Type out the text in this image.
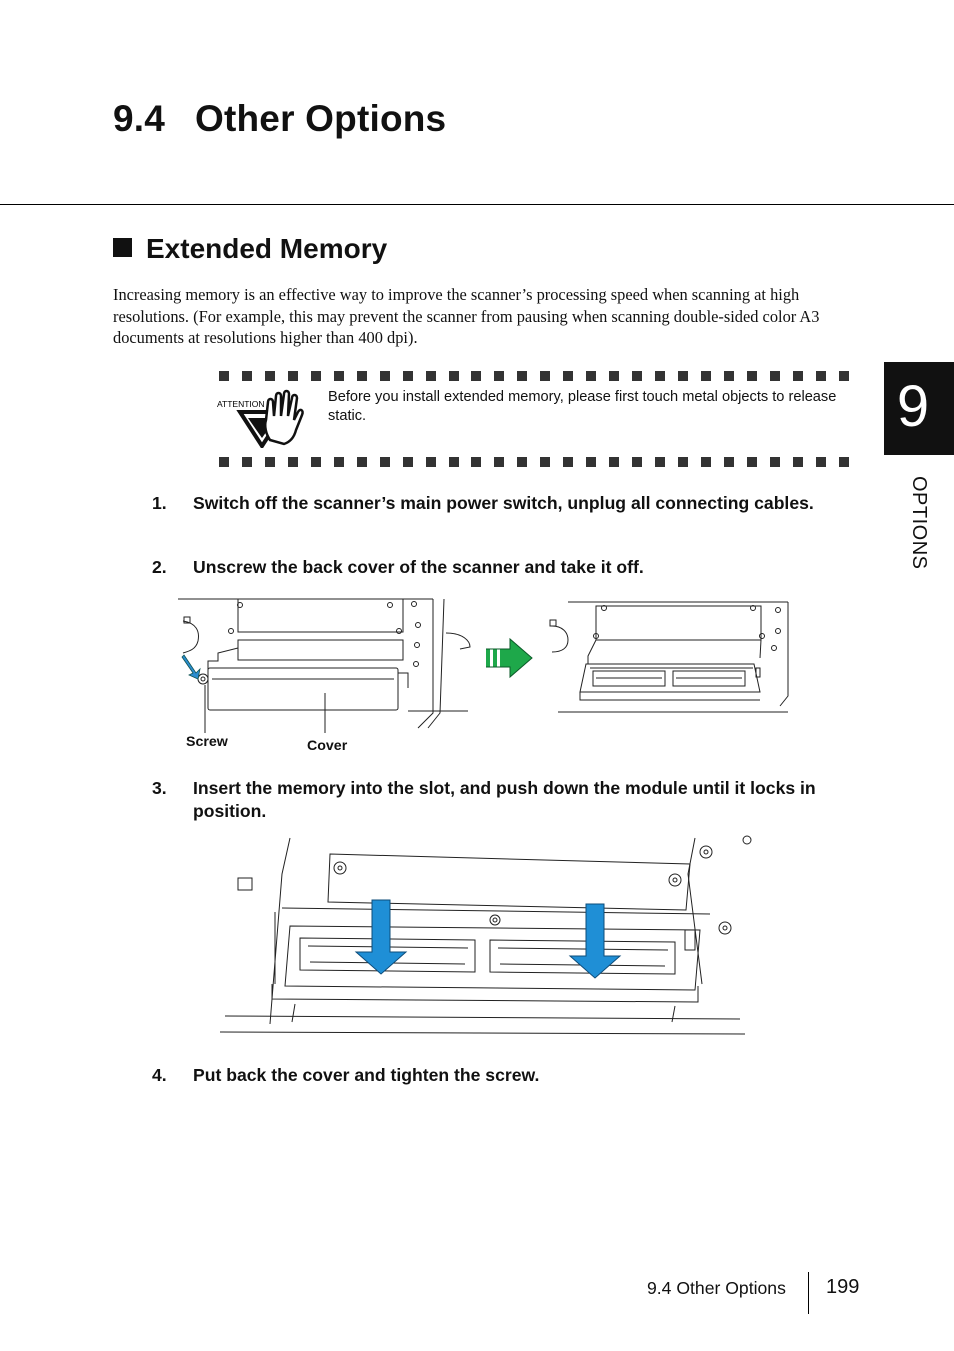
9.4 Other Options
Extended Memory
Increasing memory is an effective way to improve the scanner’s processing speed when scanning at high resolutions. (For example, this may prevent the scanner from pausing when scanning double-sided color A3 documents at resolutions higher than 400 dpi).
ATTENTION	Before you install extended memory, please first touch metal objects to release static.
1.	Switch off the scanner’s main power switch, unplug all connecting cables.
2.	Unscrew the back cover of the scanner and take it off.
Screw	Cover
3.	Insert the memory into the slot, and push down the module until it locks in position.
4.	Put back the cover and tighten the screw.
9
OPTIONS
9.4 Other Options 199
